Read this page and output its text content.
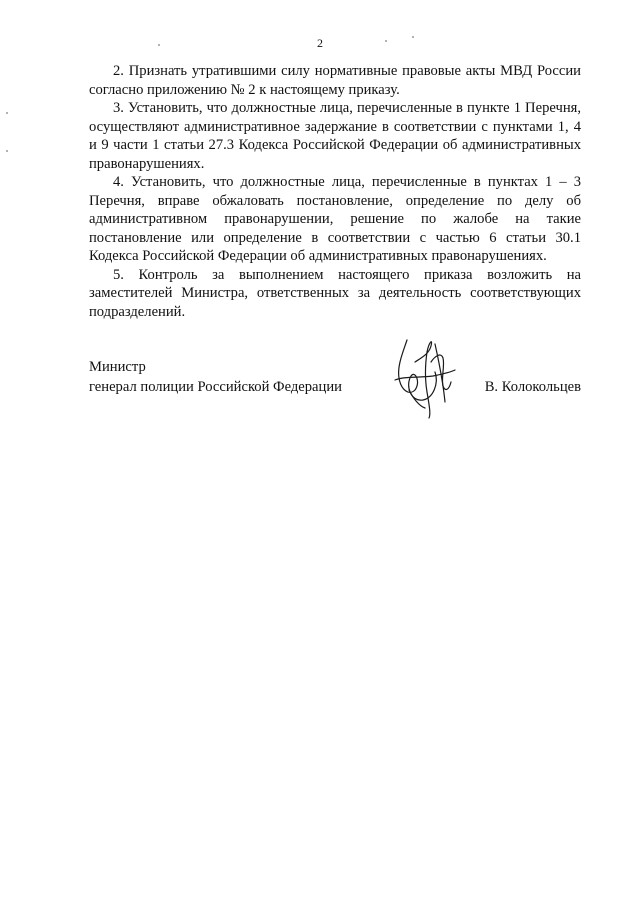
2

2. Признать утратившими силу нормативные правовые акты МВД России согласно приложению № 2 к настоящему приказу.

3. Установить, что должностные лица, перечисленные в пункте 1 Перечня, осуществляют административное задержание в соответствии с пунктами 1, 4 и 9 части 1 статьи 27.3 Кодекса Российской Федерации об административных правонарушениях.

4. Установить, что должностные лица, перечисленные в пунктах 1 – 3 Перечня, вправе обжаловать постановление, определение по делу об административном правонарушении, решение по жалобе на такие постановление или определение в соответствии с частью 6 статьи 30.1 Кодекса Российской Федерации об административных правонарушениях.

5. Контроль за выполнением настоящего приказа возложить на заместителей Министра, ответственных за деятельность соответствующих подразделений.

Министр
генерал полиции Российской Федерации	В. Колокольцев
